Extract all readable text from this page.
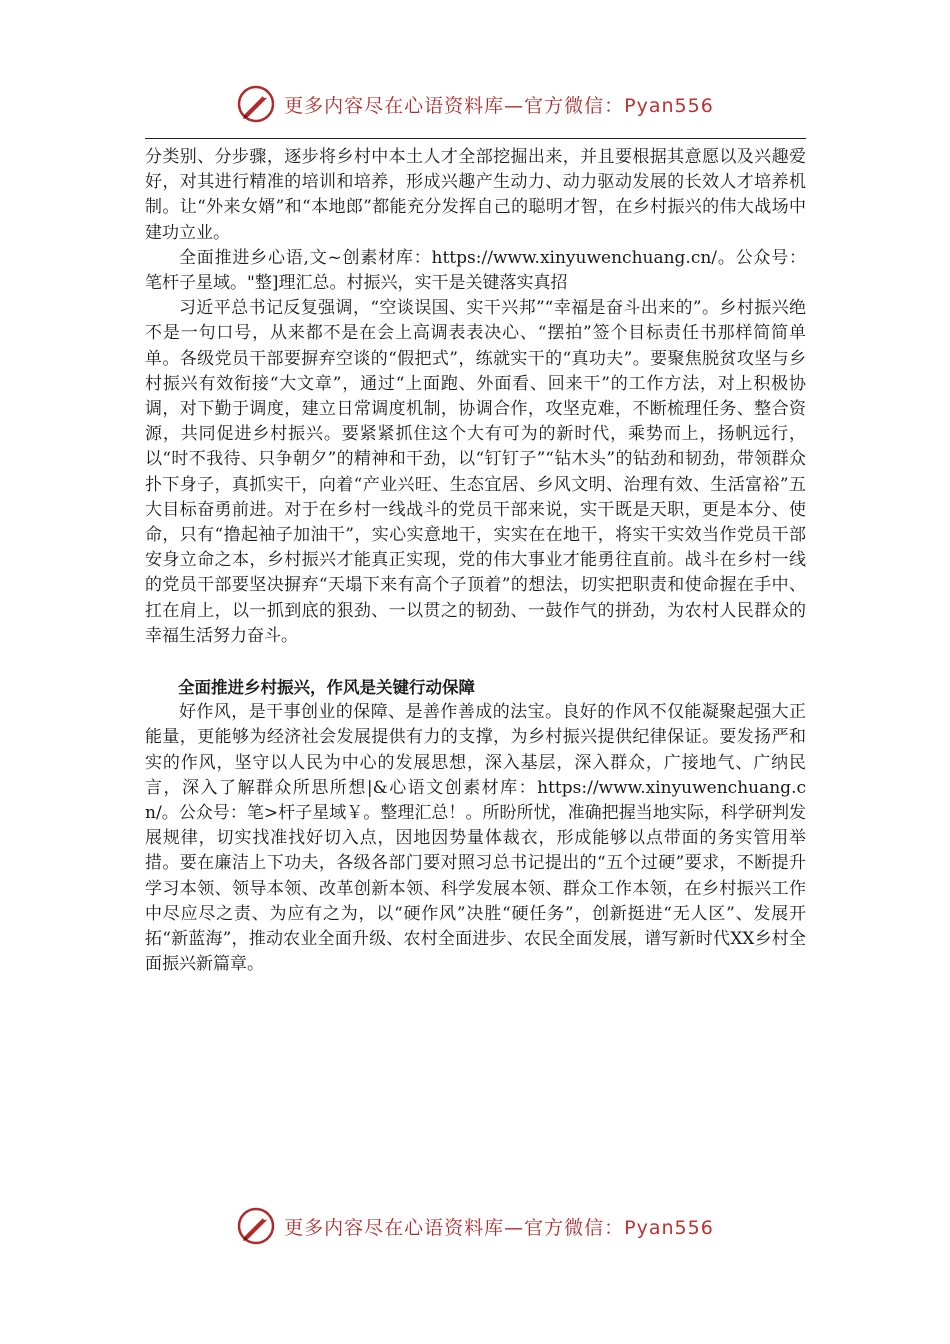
更多内容尽在心语资料库—官方微信：Pyan556

分类别、分步骤，逐步将乡村中本土人才全部挖掘出来，并且要根据其意愿以及兴趣爱好，对其进行精准的培训和培养，形成兴趣产生动力、动力驱动发展的长效人才培养机制。让“外来女婿”和“本地郎”都能充分发挥自己的聪明才智，在乡村振兴的伟大战场中建功立业。

全面推进乡心语,文~创素材库：https://www.xinyuwenchuang.cn/。公众号：笔杆子星域。"整]理汇总。村振兴，实干是关键落实真招

习近平总书记反复强调，“空谈误国、实干兴邦”“幸福是奋斗出来的”。乡村振兴绝不是一句口号，从来都不是在会上高调表表决心、“摆拍”签个目标责任书那样简简单单。各级党员干部要摒弃空谈的“假把式”，练就实干的“真功夫”。要聚焦脱贫攻坚与乡村振兴有效衔接“大文章”，通过“上面跑、外面看、回来干”的工作方法，对上积极协调，对下勤于调度，建立日常调度机制，协调合作，攻坚克难，不断梳理任务、整合资源，共同促进乡村振兴。要紧紧抓住这个大有可为的新时代，乘势而上，扬帆远行，以“时不我待、只争朝夕”的精神和干劲，以“钉钉子”“钻木头”的钻劲和韧劲，带领群众扑下身子，真抓实干，向着“产业兴旺、生态宜居、乡风文明、治理有效、生活富裕”五大目标奋勇前进。对于在乡村一线战斗的党员干部来说，实干既是天职，更是本分、使命，只有“撸起袖子加油干”，实心实意地干，实实在在地干，将实干实效当作党员干部安身立命之本，乡村振兴才能真正实现，党的伟大事业才能勇往直前。战斗在乡村一线的党员干部要坚决摒弃“天塌下来有高个子顶着”的想法，切实把职责和使命握在手中、扛在肩上，以一抓到底的狠劲、一以贯之的韧劲、一鼓作气的拼劲，为农村人民群众的幸福生活努力奋斗。

全面推进乡村振兴，作风是关键行动保障

好作风，是干事创业的保障、是善作善成的法宝。良好的作风不仅能凝聚起强大正能量，更能够为经济社会发展提供有力的支撑，为乡村振兴提供纪律保证。要发扬严和实的作风，坚守以人民为中心的发展思想，深入基层，深入群众，广接地气、广纳民言，深入了解群众所思所想|&心语文创素材库：https://www.xinyuwenchuang.cn/。公众号：笔>杆子星域￥。整理汇总！。所盼所忧，准确把握当地实际，科学研判发展规律，切实找准找好切入点，因地因势量体裁衣，形成能够以点带面的务实管用举措。要在廉洁上下功夫，各级各部门要对照习总书记提出的“五个过硬”要求，不断提升学习本领、领导本领、改革创新本领、科学发展本领、群众工作本领，在乡村振兴工作中尽应尽之责、为应有之为，以“硬作风”决胜“硬任务”，创新挺进“无人区”、发展开拓“新蓝海”，推动农业全面升级、农村全面进步、农民全面发展，谱写新时代XX乡村全面振兴新篇章。

更多内容尽在心语资料库—官方微信：Pyan556
